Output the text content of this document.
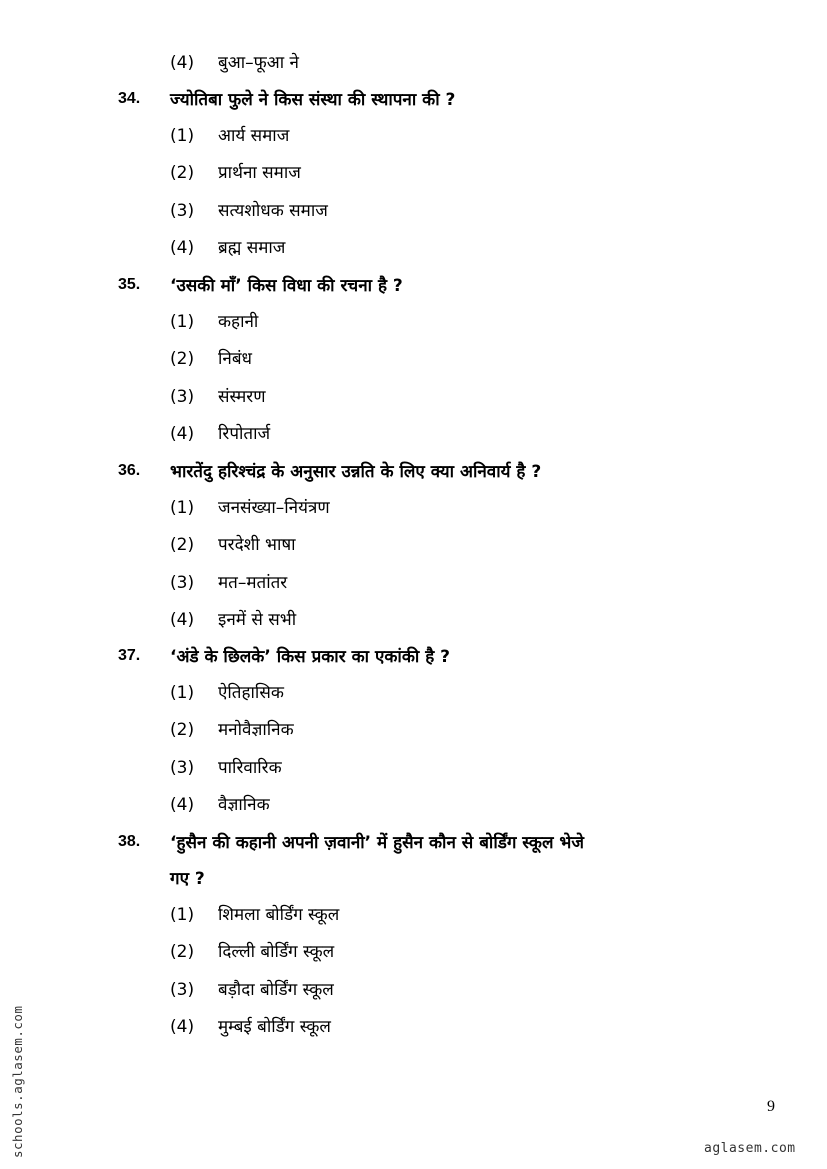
(4) बुआ–फूआ ने
34. ज्योतिबा फुले ने किस संस्था की स्थापना की ?
(1) आर्य समाज
(2) प्रार्थना समाज
(3) सत्यशोधक समाज
(4) ब्रह्म समाज
35. ‘उसकी माँ’ किस विधा की रचना है ?
(1) कहानी
(2) निबंध
(3) संस्मरण
(4) रिपोतार्ज
36. भारतेंदु हरिश्चंद्र के अनुसार उन्नति के लिए क्या अनिवार्य है ?
(1) जनसंख्या–नियंत्रण
(2) परदेशी भाषा
(3) मत–मतांतर
(4) इनमें से सभी
37. ‘अंडे के छिलके’ किस प्रकार का एकांकी है ?
(1) ऐतिहासिक
(2) मनोवैज्ञानिक
(3) पारिवारिक
(4) वैज्ञानिक
38. ‘हुसैन की कहानी अपनी ज़वानी’ में हुसैन कौन से बोर्डिंग स्कूल भेजे
गए ?
(1) शिमला बोर्डिंग स्कूल
(2) दिल्ली बोर्डिंग स्कूल
(3) बड़ौदा बोर्डिंग स्कूल
(4) मुम्बई बोर्डिंग स्कूल
schools.aglasem.com	9
aglasem.com
